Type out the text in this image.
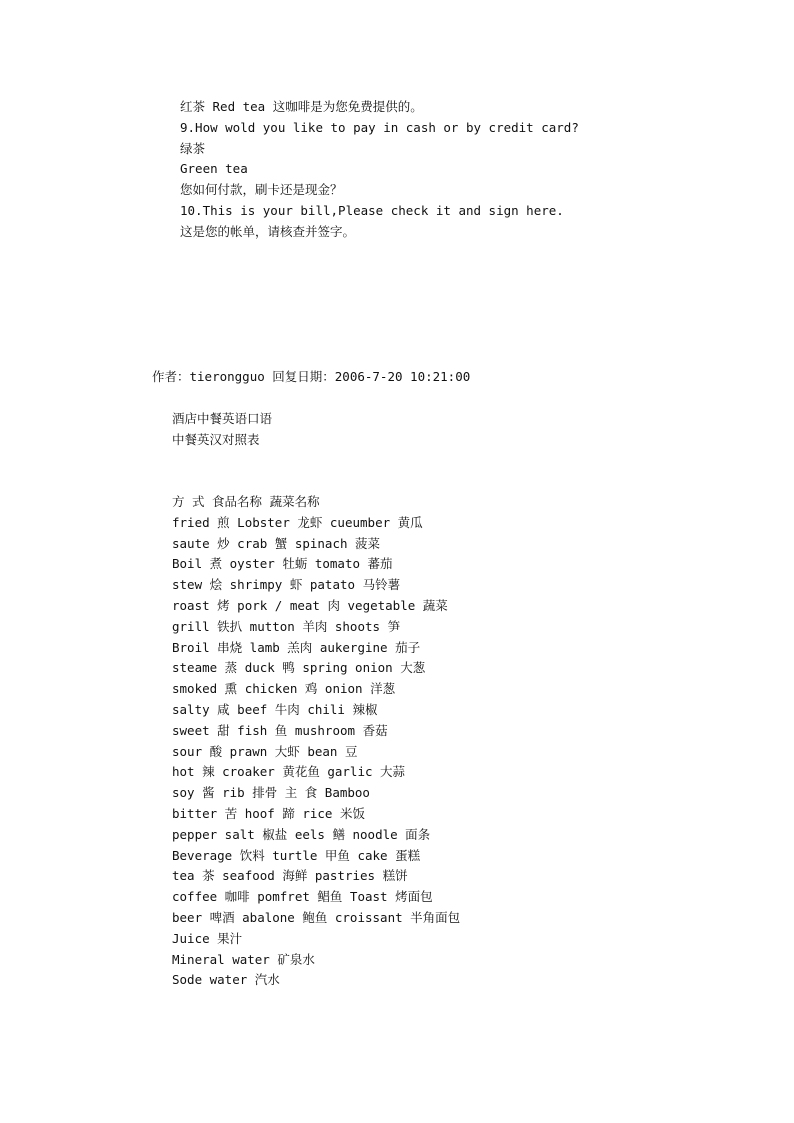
红茶 Red tea 这咖啡是为您免费提供的。
9.How wold you like to pay in cash or by credit card?
绿茶
Green tea
您如何付款，刷卡还是现金？
10.This is your bill,Please check it and sign here.
这是您的帐单，请核查并签字。
作者：tierongguo 回复日期：2006-7-20 10:21:00
酒店中餐英语口语
中餐英汉对照表
方 式 食品名称 蔬菜名称
fried 煎 Lobster 龙虾 cueumber 黄瓜
saute 炒 crab 蟹 spinach 菠菜
Boil 煮 oyster 牡蛎 tomato 蕃茄
stew 烩 shrimpy 虾 patato 马铃薯
roast 烤 pork / meat 肉 vegetable 蔬菜
grill 铁扒 mutton 羊肉 shoots 笋
Broil 串烧 lamb 羔肉 aukergine 茄子
steame 蒸 duck 鸭 spring onion 大葱
smoked 熏 chicken 鸡 onion 洋葱
salty 咸 beef 牛肉 chili 辣椒
sweet 甜 fish 鱼 mushroom 香菇
sour 酸 prawn 大虾 bean 豆
hot 辣 croaker 黄花鱼 garlic 大蒜
soy 酱 rib 排骨 主 食 Bamboo
bitter 苦 hoof 蹄 rice 米饭
pepper salt 椒盐 eels 鳝 noodle 面条
Beverage 饮料 turtle 甲鱼 cake 蛋糕
tea 茶 seafood 海鲜 pastries 糕饼
coffee 咖啡 pomfret 鲳鱼 Toast 烤面包
beer 啤酒 abalone 鲍鱼 croissant 半角面包
Juice 果汁
Mineral water 矿泉水
Sode water 汽水
